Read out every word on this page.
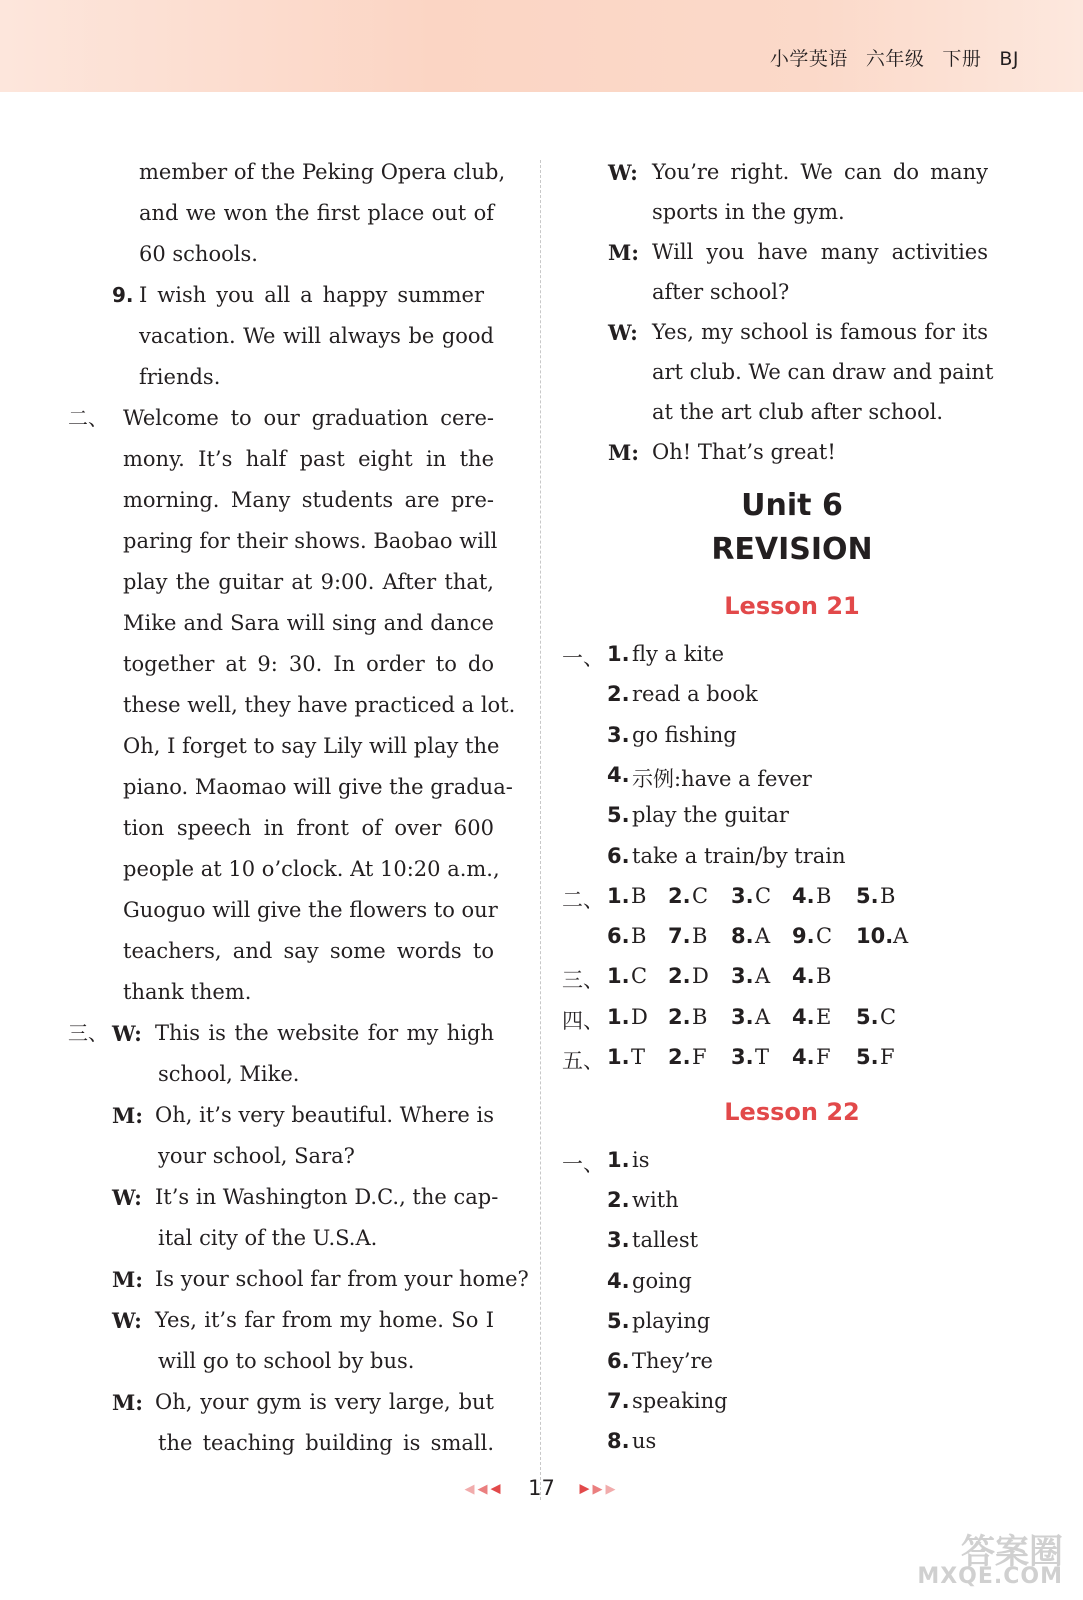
小学英语 六年级 下册 BJ
member of the Peking Opera club,
and we won the first place out of
60 schools.
9. I wish you all a happy summer
vacation. We will always be good
friends.
二、 Welcome to our graduation cere-
mony. It’s half past eight in the
morning. Many students are pre-
paring for their shows. Baobao will
play the guitar at 9:00. After that,
Mike and Sara will sing and dance
together at 9: 30. In order to do
these well, they have practiced a lot.
Oh, I forget to say Lily will play the
piano. Maomao will give the gradua-
tion speech in front of over 600
people at 10 o’clock. At 10:20 a.m.,
Guoguo will give the flowers to our
teachers, and say some words to
thank them.
三、 W: This is the website for my high
school, Mike.
M: Oh, it’s very beautiful. Where is
your school, Sara?
W: It’s in Washington D.C., the cap-
ital city of the U.S.A.
M: Is your school far from your home?
W: Yes, it’s far from my home. So I
will go to school by bus.
M: Oh, your gym is very large, but
the teaching building is small.
W: You’re right. We can do many
sports in the gym.
M: Will you have many activities
after school?
W: Yes, my school is famous for its
art club. We can draw and paint
at the art club after school.
M: Oh! That’s great!
Unit 6
REVISION
Lesson 21
一、 1. fly a kite
2. read a book
3. go fishing
4. 示例:have a fever
5. play the guitar
6. take a train/by train
二、 1. B 2. C 3. C 4. B 5. B
6. B 7. B 8. A 9. C 10. A
三、 1. C 2. D 3. A 4. B
四、 1. D 2. B 3. A 4. E 5. C
五、 1. T 2. F 3. T 4. F 5. F
Lesson 22
一、 1. is
2. with
3. tallest
4. going
5. playing
6. They’re
7. speaking
8. us
◀◀◀ 17 ▶▶▶
答案圈
MXQE.COM
